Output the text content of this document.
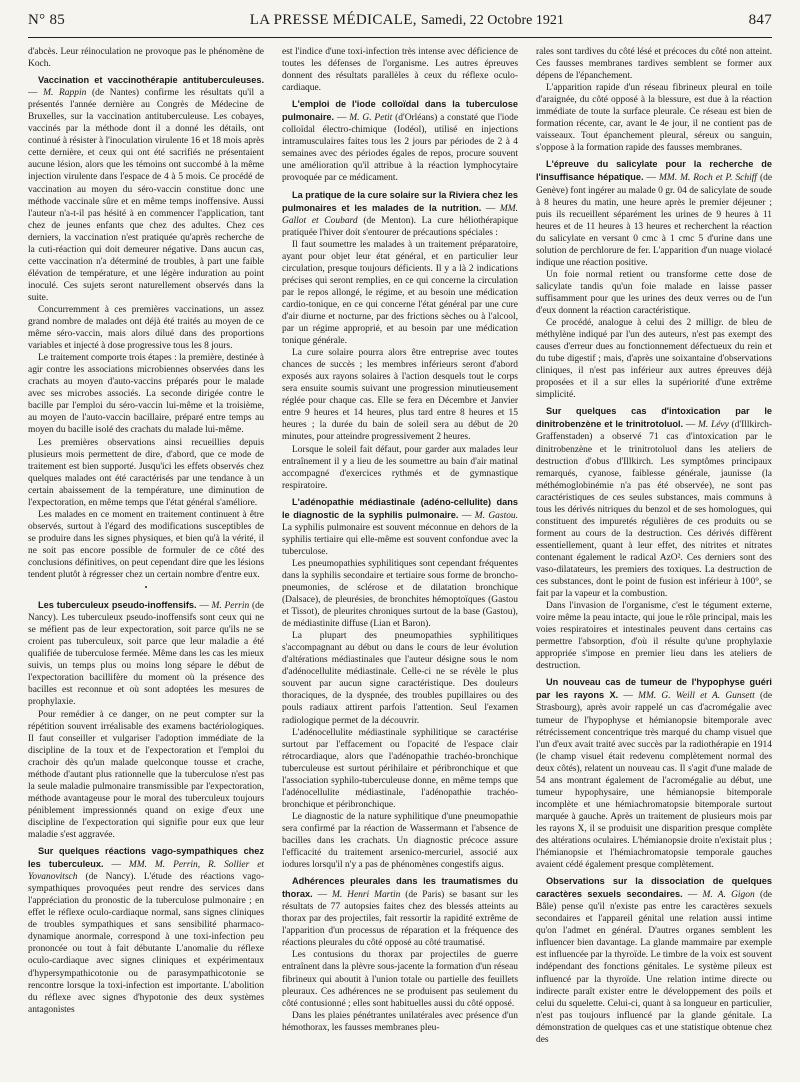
N° 85	LA PRESSE MÉDICALE, Samedi, 22 Octobre 1921	847

d'abcès. Leur réinoculation ne provoque pas le phénomène de Koch.

Vaccination et vaccinothérapie antituberculeuses. — M. Rappin (de Nantes) confirme les résultats qu'il a présentés l'année dernière au Congrès de Médecine de Bruxelles, sur la vaccination antituberculeuse. Les cobayes, vaccinés par la méthode dont il a donné les détails, ont continué à résister à l'inoculation virulente 16 et 18 mois après cette dernière, et ceux qui ont été sacrifiés ne présentaient aucune lésion, alors que les témoins ont succombé à la même injection virulente dans l'espace de 4 à 5 mois. Ce procédé de vaccination au moyen du séro-vaccin constitue donc une méthode vaccinale sûre et en même temps inoffensive. Aussi l'auteur n'a-t-il pas hésité à en commencer l'application, tant chez de jeunes enfants que chez des adultes. Chez ces derniers, la vaccination n'est pratiquée qu'après recherche de la cuti-réaction qui doit demeurer négative. Dans aucun cas, cette vaccination n'a déterminé de troubles, à part une faible élévation de température, et une légère induration au point inoculé. Ces sujets seront naturellement observés dans la suite.

Concurremment à ces premières vaccinations, un assez grand nombre de malades ont déjà été traités au moyen de ce même séro-vaccin, mais alors dilué dans des proportions variables et injecté à dose progressive tous les 8 jours.

Le traitement comporte trois étapes : la première, destinée à agir contre les associations microbiennes observées dans les crachats au moyen d'auto-vaccins préparés pour le malade avec ses microbes associés. La seconde dirigée contre le bacille par l'emploi du séro-vaccin lui-même et la troisième, au moyen de l'auto-vaccin bacillaire, préparé entre temps au moyen du bacille isolé des crachats du malade lui-même.

Les premières observations ainsi recueillies depuis plusieurs mois permettent de dire, d'abord, que ce mode de traitement est bien supporté. Jusqu'ici les effets observés chez quelques malades ont été caractérisés par une tendance à un certain abaissement de la température, une diminution de l'expectoration, en même temps que l'état général s'améliore.

Les malades en ce moment en traitement continuent à être observés, surtout à l'égard des modifications susceptibles de se produire dans les signes physiques, et bien qu'à la vérité, il ne soit pas encore possible de formuler de ce côté des conclusions définitives, on peut cependant dire que les lésions tendent plutôt à régresser chez un certain nombre d'entre eux.

•

Les tuberculeux pseudo-inoffensifs. — M. Perrin (de Nancy). Les tuberculeux pseudo-inoffensifs sont ceux qui ne se méfient pas de leur expectoration, soit parce qu'ils ne se croient pas tuberculeux, soit parce que leur maladie a été qualifiée de tuberculose fermée. Même dans les cas les mieux suivis, un temps plus ou moins long sépare le début de l'expectoration bacillifère du moment où la présence des bacilles est reconnue et où sont adoptées les mesures de prophylaxie.

Pour remédier à ce danger, on ne peut compter sur la répétition souvent irréalisable des examens bactériologiques. Il faut conseiller et vulgariser l'adoption immédiate de la discipline de la toux et de l'expectoration et l'emploi du crachoir dès qu'un malade quelconque tousse et crache, méthode d'autant plus rationnelle que la tuberculose n'est pas la seule maladie pulmonaire transmissible par l'expectoration, méthode avantageuse pour le moral des tuberculeux toujours péniblement impressionnés quand on exige d'eux une discipline de l'expectoration qui signifie pour eux que leur maladie s'est aggravée.

Sur quelques réactions vago-sympathiques chez les tuberculeux. — MM. M. Perrin, R. Sollier et Yovanovitsch (de Nancy). L'étude des réactions vago-sympathiques provoquées peut rendre des services dans l'appréciation du pronostic de la tuberculose pulmonaire ; en effet le réflexe oculo-cardiaque normal, sans signes cliniques de troubles sympathiques et sans sensibilité pharmaco-dynamique anormale, correspond à une toxi-infection peu prononcée ou tout à fait débutante L'anomalie du réflexe oculo-cardiaque avec signes cliniques et expérimentaux d'hypersympathicotonie ou de parasympathicotonie se rencontre lorsque la toxi-infection est importante. L'abolition du réflexe avec signes d'hypotonie des deux systèmes antagonistes

est l'indice d'une toxi-infection très intense avec déficience de toutes les défenses de l'organisme. Les autres épreuves donnent des résultats parallèles à ceux du réflexe oculo-cardiaque.

L'emploi de l'iode colloïdal dans la tuberculose pulmonaire. — M. G. Petit (d'Orléans) a constaté que l'iode colloïdal électro-chimique (Iodéol), utilisé en injections intramusculaires faites tous les 2 jours par périodes de 2 à 4 semaines avec des périodes égales de repos, procure souvent une amélioration qu'il attribue à la réaction lymphocytaire provoquée par ce médicament.

La pratique de la cure solaire sur la Riviera chez les pulmonaires et les malades de la nutrition. — MM. Gallot et Coubard (de Menton). La cure héliothérapique pratiquée l'hiver doit s'entourer de précautions spéciales :

Il faut soumettre les malades à un traitement préparatoire, ayant pour objet leur état général, et en particulier leur circulation, presque toujours déficients. Il y a là 2 indications précises qui seront remplies, en ce qui concerne la circulation par le repos allongé, le régime, et au besoin une médication cardio-tonique, en ce qui concerne l'état général par une cure d'air diurne et nocturne, par des frictions sèches ou à l'alcool, par un régime approprié, et au besoin par une médication tonique générale.

La cure solaire pourra alors être entreprise avec toutes chances de succès ; les membres inférieurs seront d'abord exposés aux rayons solaires à l'action desquels tout le corps sera ensuite soumis suivant une progression minutieusement réglée pour chaque cas. Elle se fera en Décembre et Janvier entre 9 heures et 14 heures, plus tard entre 8 heures et 15 heures ; la durée du bain de soleil sera au début de 20 minutes, pour atteindre progressivement 2 heures.

Lorsque le soleil fait défaut, pour garder aux malades leur entraînement il y a lieu de les soumettre au bain d'air matinal accompagné d'exercices rythmés et de gymnastique respiratoire.

L'adénopathie médiastinale (adéno-cellulite) dans le diagnostic de la syphilis pulmonaire. — M. Gastou. La syphilis pulmonaire est souvent méconnue en dehors de la syphilis tertiaire qui elle-même est souvent confondue avec la tuberculose.

Les pneumopathies syphilitiques sont cependant fréquentes dans la syphilis secondaire et tertiaire sous forme de broncho-pneumonies, de sclérose et de dilatation bronchique (Dalsace), de pleurésies, de bronchites hémoptoïques (Gastou et Tissot), de pleurites chroniques surtout de la base (Gastou), de médiastinite diffuse (Lian et Baron).

La plupart des pneumopathies syphilitiques s'accompagnant au début ou dans le cours de leur évolution d'altérations médiastinales que l'auteur désigne sous le nom d'adénocellulite médiastinale. Celle-ci ne se révèle le plus souvent par aucun signe caractéristique. Des douleurs thoraciques, de la dyspnée, des troubles pupillaires ou des pouls radiaux attirent parfois l'attention. Seul l'examen radiologique permet de la découvrir.

L'adénocellulite médiastinale syphilitique se caractérise surtout par l'effacement ou l'opacité de l'espace clair rétrocardiaque, alors que l'adénopathie trachéo-bronchique tuberculeuse est surtout périhilaire et péribronchique et que l'association syphilo-tuberculeuse donne, en même temps que l'adénocellulite médiastinale, l'adénopathie trachéo-bronchique et péribronchique.

Le diagnostic de la nature syphilitique d'une pneumopathie sera confirmé par la réaction de Wassermann et l'absence de bacilles dans les crachats. Un diagnostic précoce assure l'efficacité du traitement arsenico-mercuriel, associé aux iodures lorsqu'il n'y a pas de phénomènes congestifs aigus.

Adhérences pleurales dans les traumatismes du thorax. — M. Henri Martin (de Paris) se basant sur les résultats de 77 autopsies faites chez des blessés atteints au thorax par des projectiles, fait ressortir la rapidité extrême de l'apparition d'un processus de réparation et la fréquence des réactions pleurales du côté opposé au côté traumatisé.

Les contusions du thorax par projectiles de guerre entraînent dans la plèvre sous-jacente la formation d'un réseau fibrineux qui aboutit à l'union totale ou partielle des feuillets pleuraux. Ces adhérences ne se produisent pas seulement du côté contusionné ; elles sont habituelles aussi du côté opposé.

Dans les plaies pénétrantes unilatérales avec présence d'un hémothorax, les fausses membranes pleu-

rales sont tardives du côté lésé et précoces du côté non atteint. Ces fausses membranes tardives semblent se former aux dépens de l'épanchement.

L'apparition rapide d'un réseau fibrineux pleural en toile d'araignée, du côté opposé à la blessure, est due à la réaction immédiate de toute la surface pleurale. Ce réseau est bien de formation récente, car, avant le 4e jour, il ne contient pas de vaisseaux. Tout épanchement pleural, séreux ou sanguin, s'oppose à la formation rapide des fausses membranes.

L'épreuve du salicylate pour la recherche de l'insuffisance hépatique. — MM. M. Roch et P. Schiff (de Genève) font ingérer au malade 0 gr. 04 de salicylate de soude à 8 heures du matin, une heure après le premier déjeuner ; puis ils recueillent séparément les urines de 9 heures à 11 heures et de 11 heures à 13 heures et recherchent la réaction du salicylate en versant 0 cmc à 1 cmc 5 d'urine dans une solution de perchlorure de fer. L'apparition d'un nuage violacé indique une réaction positive.

Un foie normal retient ou transforme cette dose de salicylate tandis qu'un foie malade en laisse passer suffisamment pour que les urines des deux verres ou de l'un d'eux donnent la réaction caractéristique.

Ce procédé, analogue à celui des 2 milligr. de bleu de méthylène indiqué par l'un des auteurs, n'est pas exempt des causes d'erreur dues au fonctionnement défectueux du rein et du tube digestif ; mais, d'après une soixantaine d'observations cliniques, il n'est pas inférieur aux autres épreuves déjà proposées et il a sur elles la supériorité d'une extrême simplicité.

Sur quelques cas d'intoxication par le dinitrobenzène et le trinitrotoluol. — M. Lévy (d'Illkirch-Graffenstaden) a observé 71 cas d'intoxication par le dinitrobenzène et le trinitrotoluol dans les ateliers de destruction d'obus d'Illkirch. Les symptômes principaux remarqués, cyanose, faiblesse générale, jaunisse (la méthémoglobinémie n'a pas été observée), ne sont pas caractéristiques de ces seules substances, mais communs à tous les dérivés nitriques du benzol et de ses homologues, qui constituent des impuretés régulières de ces produits ou se forment au cours de la destruction. Ces dérivés diffèrent essentiellement, quant à leur effet, des nitrites et nitrates contenant également le radical AzO². Ces derniers sont des vaso-dilatateurs, les premiers des toxiques. La destruction de ces substances, dont le point de fusion est inférieur à 100°, se fait par la vapeur et la combustion.

Dans l'invasion de l'organisme, c'est le tégument externe, voire même la peau intacte, qui joue le rôle principal, mais les voies respiratoires et intestinales peuvent dans certains cas permettre l'absorption, d'où il résulte qu'une prophylaxie appropriée s'impose en premier lieu dans les ateliers de destruction.

Un nouveau cas de tumeur de l'hypophyse guéri par les rayons X. — MM. G. Weill et A. Gunsett (de Strasbourg), après avoir rappelé un cas d'acromégalie avec tumeur de l'hypophyse et hémianopsie bitemporale avec rétrécissement concentrique très marqué du champ visuel que l'un d'eux avait traité avec succès par la radiothérapie en 1914 (le champ visuel était redevenu complètement normal des deux côtés), relatent un nouveau cas. Il s'agit d'une malade de 54 ans montrant également de l'acromégalie au début, une tumeur hypophysaire, une hémianopsie bitemporale incomplète et une hémiachromatopsie bitemporale surtout marquée à gauche. Après un traitement de plusieurs mois par les rayons X, il se produisit une disparition presque complète des altérations oculaires. L'hémianopsie droite n'existait plus ; l'hémianopsie et l'hémiachromatopsie temporale gauches avaient cédé également presque complètement.

Observations sur la dissociation de quelques caractères sexuels secondaires. — M. A. Gigon (de Bâle) pense qu'il n'existe pas entre les caractères sexuels secondaires et l'appareil génital une relation aussi intime qu'on l'admet en général. D'autres organes semblent les influencer bien davantage. La glande mammaire par exemple est influencée par la thyroïde. Le timbre de la voix est souvent indépendant des fonctions génitales. Le système pileux est influencé par la thyroïde. Une relation intime directe ou indirecte paraît exister entre le développement des poils et celui du squelette. Celui-ci, quant à sa longueur en particulier, n'est pas toujours influencé par la glande génitale. La démonstration de quelques cas et une statistique obtenue chez des
